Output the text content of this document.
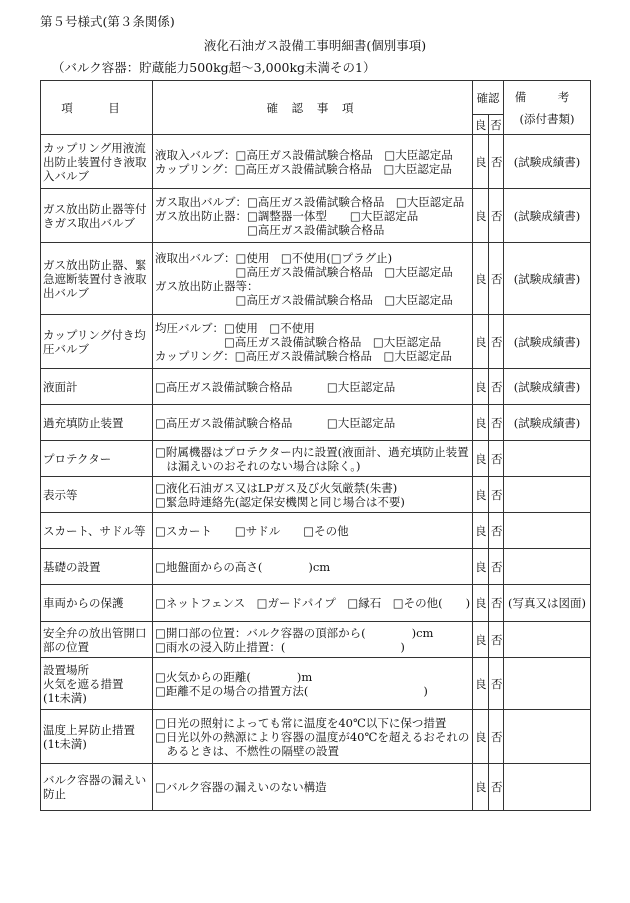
第５号様式(第３条関係)
液化石油ガス設備工事明細書(個別事項)
（バルク容器：貯蔵能力500kg超～3,000kg未満その1）
項　目	確 認 事 項	確認		備　考
(添付書類)

		良	否	
カップリング用液流出防止装置付き液取入バルブ	液取入バルブ：□高圧ガス設備試験合格品　□大臣認定品
カップリング：□高圧ガス設備試験合格品　□大臣認定品	良	否	(試験成績書)
ガス放出防止器等付きガス取出バルブ	ガス取出バルブ：□高圧ガス設備試験合格品　□大臣認定品
ガス放出防止器：□調整器一体型　　□大臣認定品
　　　　　　　　□高圧ガス設備試験合格品	良	否	(試験成績書)
ガス放出防止器、緊急遮断装置付き液取出バルブ	液取出バルブ：□使用　□不使用(□プラグ止)
　　　　　　　□高圧ガス設備試験合格品　□大臣認定品
ガス放出防止器等：
　　　　　　　□高圧ガス設備試験合格品　□大臣認定品	良	否	(試験成績書)
カップリング付き均圧バルブ	均圧バルブ：□使用　□不使用
　　　　　　□高圧ガス設備試験合格品　□大臣認定品
カップリング：□高圧ガス設備試験合格品　□大臣認定品	良	否	(試験成績書)
液面計	□高圧ガス設備試験合格品　　　□大臣認定品	良	否	(試験成績書)
過充填防止装置	□高圧ガス設備試験合格品　　　□大臣認定品	良	否	(試験成績書)
プロテクター	□附属機器はプロテクター内に設置(液面計、過充填防止装置
　は漏えいのおそれのない場合は除く。)	良	否	
表示等	□液化石油ガス又はLPガス及び火気厳禁(朱書)
□緊急時連絡先(認定保安機関と同じ場合は不要)	良	否	
スカート、サドル等	□スカート　　□サドル　　□その他	良	否	
基礎の設置	□地盤面からの高さ(　　　　)cm	良	否	
車両からの保護	□ネットフェンス　□ガードパイプ　□縁石　□その他(　　)	良	否	(写真又は図面)
安全弁の放出管開口部の位置	□開口部の位置：バルク容器の頂部から(　　　　)cm
□雨水の浸入防止措置：(　　　　　　　　　　)	良	否	
設置場所
火気を遮る措置
(1t未満)	□火気からの距離(　　　　)m
□距離不足の場合の措置方法(　　　　　　　　　　)	良	否	
温度上昇防止措置
(1t未満)	□日光の照射によっても常に温度を40℃以下に保つ措置
□日光以外の熱源により容器の温度が40℃を超えるおそれの
　あるときは、不燃性の隔壁の設置	良	否	
バルク容器の漏えい防止	□バルク容器の漏えいのない構造	良	否	
